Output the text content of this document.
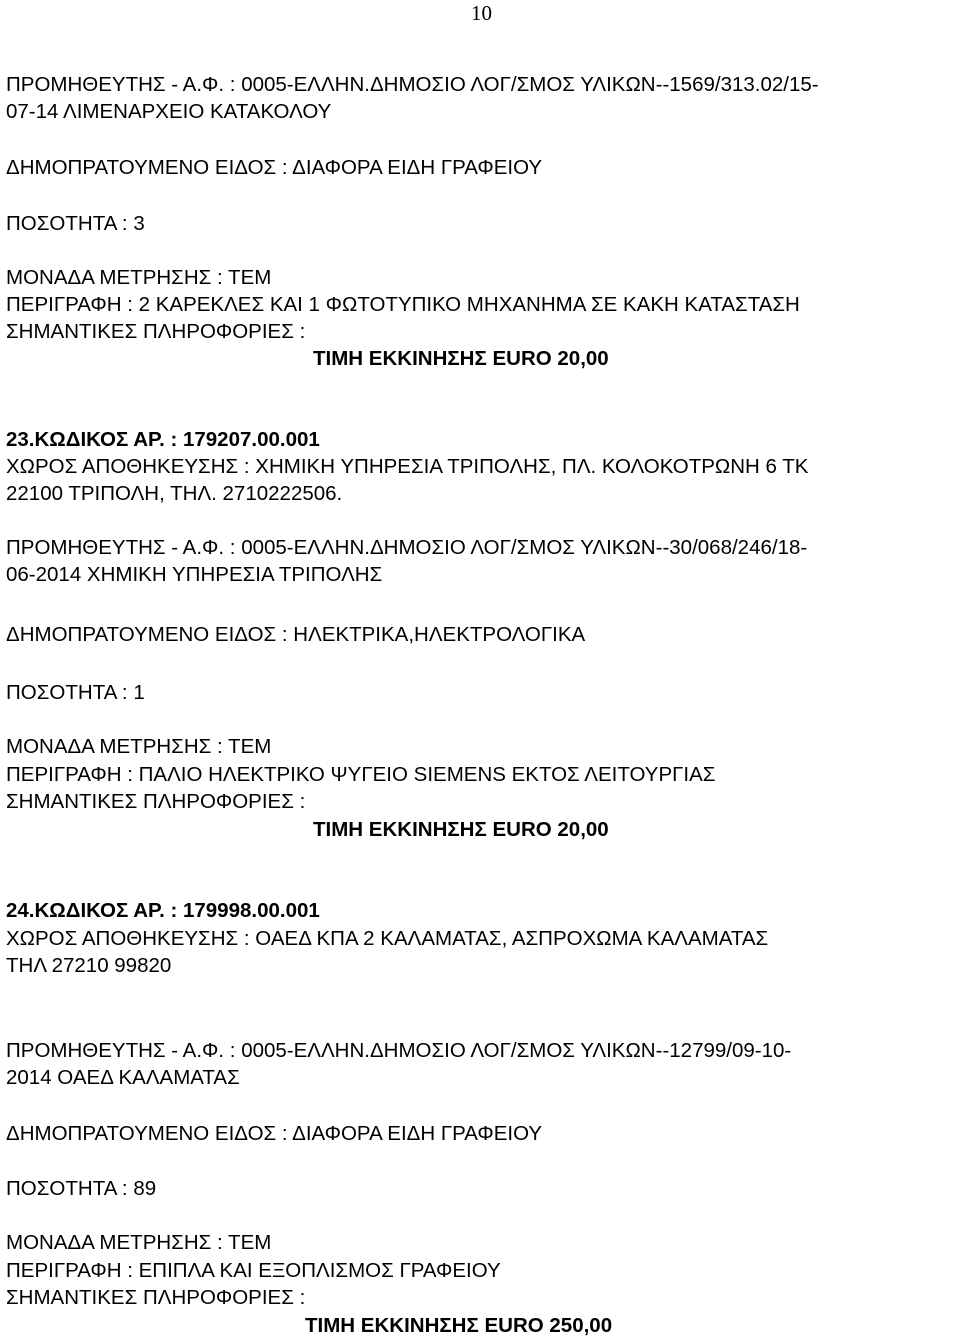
10
ΠΡΟΜΗΘΕΥΤΗΣ - Α.Φ. : 0005-ΕΛΛΗΝ.ΔΗΜΟΣΙΟ ΛΟΓ/ΣΜΟΣ ΥΛΙΚΩΝ--1569/313.02/15-
07-14 ΛΙΜΕΝΑΡΧΕΙΟ ΚΑΤΑΚΟΛΟΥ
ΔΗΜΟΠΡΑΤΟΥΜΕΝΟ ΕΙΔΟΣ : ΔΙΑΦΟΡΑ ΕΙΔΗ ΓΡΑΦΕΙΟΥ
ΠΟΣΟΤΗΤΑ : 3
ΜΟΝΑΔΑ ΜΕΤΡΗΣΗΣ : ΤΕΜ
ΠΕΡΙΓΡΑΦΗ : 2 ΚΑΡΕΚΛΕΣ ΚΑΙ 1 ΦΩΤΟΤΥΠΙΚΟ ΜΗΧΑΝΗΜΑ ΣΕ ΚΑΚΗ ΚΑΤΑΣΤΑΣΗ
ΣΗΜΑΝΤΙΚΕΣ ΠΛΗΡΟΦΟΡΙΕΣ :
ΤΙΜΗ ΕΚΚΙΝΗΣΗΣ EURO 20,00
23.ΚΩΔΙΚΟΣ ΑΡ. : 179207.00.001
ΧΩΡΟΣ ΑΠΟΘΗΚΕΥΣΗΣ : ΧΗΜΙΚΗ ΥΠΗΡΕΣΙΑ ΤΡΙΠΟΛΗΣ, ΠΛ. ΚΟΛΟΚΟΤΡΩΝΗ 6 ΤΚ
22100 ΤΡΙΠΟΛΗ, ΤΗΛ. 2710222506.
ΠΡΟΜΗΘΕΥΤΗΣ - Α.Φ. : 0005-ΕΛΛΗΝ.ΔΗΜΟΣΙΟ ΛΟΓ/ΣΜΟΣ ΥΛΙΚΩΝ--30/068/246/18-
06-2014 ΧΗΜΙΚΗ ΥΠΗΡΕΣΙΑ ΤΡΙΠΟΛΗΣ
ΔΗΜΟΠΡΑΤΟΥΜΕΝΟ ΕΙΔΟΣ : ΗΛΕΚΤΡΙΚΑ,ΗΛΕΚΤΡΟΛΟΓΙΚΑ
ΠΟΣΟΤΗΤΑ : 1
ΜΟΝΑΔΑ ΜΕΤΡΗΣΗΣ : ΤΕΜ
ΠΕΡΙΓΡΑΦΗ : ΠΑΛΙΟ ΗΛΕΚΤΡΙΚΟ ΨΥΓΕΙΟ SIEMENS ΕΚΤΟΣ ΛΕΙΤΟΥΡΓΙΑΣ
ΣΗΜΑΝΤΙΚΕΣ ΠΛΗΡΟΦΟΡΙΕΣ :
ΤΙΜΗ ΕΚΚΙΝΗΣΗΣ EURO 20,00
24.ΚΩΔΙΚΟΣ ΑΡ. : 179998.00.001
ΧΩΡΟΣ ΑΠΟΘΗΚΕΥΣΗΣ : ΟΑΕΔ ΚΠΑ 2 ΚΑΛΑΜΑΤΑΣ, ΑΣΠΡΟΧΩΜΑ ΚΑΛΑΜΑΤΑΣ
ΤΗΛ 27210 99820
ΠΡΟΜΗΘΕΥΤΗΣ - Α.Φ. : 0005-ΕΛΛΗΝ.ΔΗΜΟΣΙΟ ΛΟΓ/ΣΜΟΣ ΥΛΙΚΩΝ--12799/09-10-
2014 ΟΑΕΔ ΚΑΛΑΜΑΤΑΣ
ΔΗΜΟΠΡΑΤΟΥΜΕΝΟ ΕΙΔΟΣ : ΔΙΑΦΟΡΑ ΕΙΔΗ ΓΡΑΦΕΙΟΥ
ΠΟΣΟΤΗΤΑ : 89
ΜΟΝΑΔΑ ΜΕΤΡΗΣΗΣ : ΤΕΜ
ΠΕΡΙΓΡΑΦΗ : ΕΠΙΠΛΑ ΚΑΙ ΕΞΟΠΛΙΣΜΟΣ ΓΡΑΦΕΙΟΥ
ΣΗΜΑΝΤΙΚΕΣ ΠΛΗΡΟΦΟΡΙΕΣ :
ΤΙΜΗ ΕΚΚΙΝΗΣΗΣ EURO 250,00
